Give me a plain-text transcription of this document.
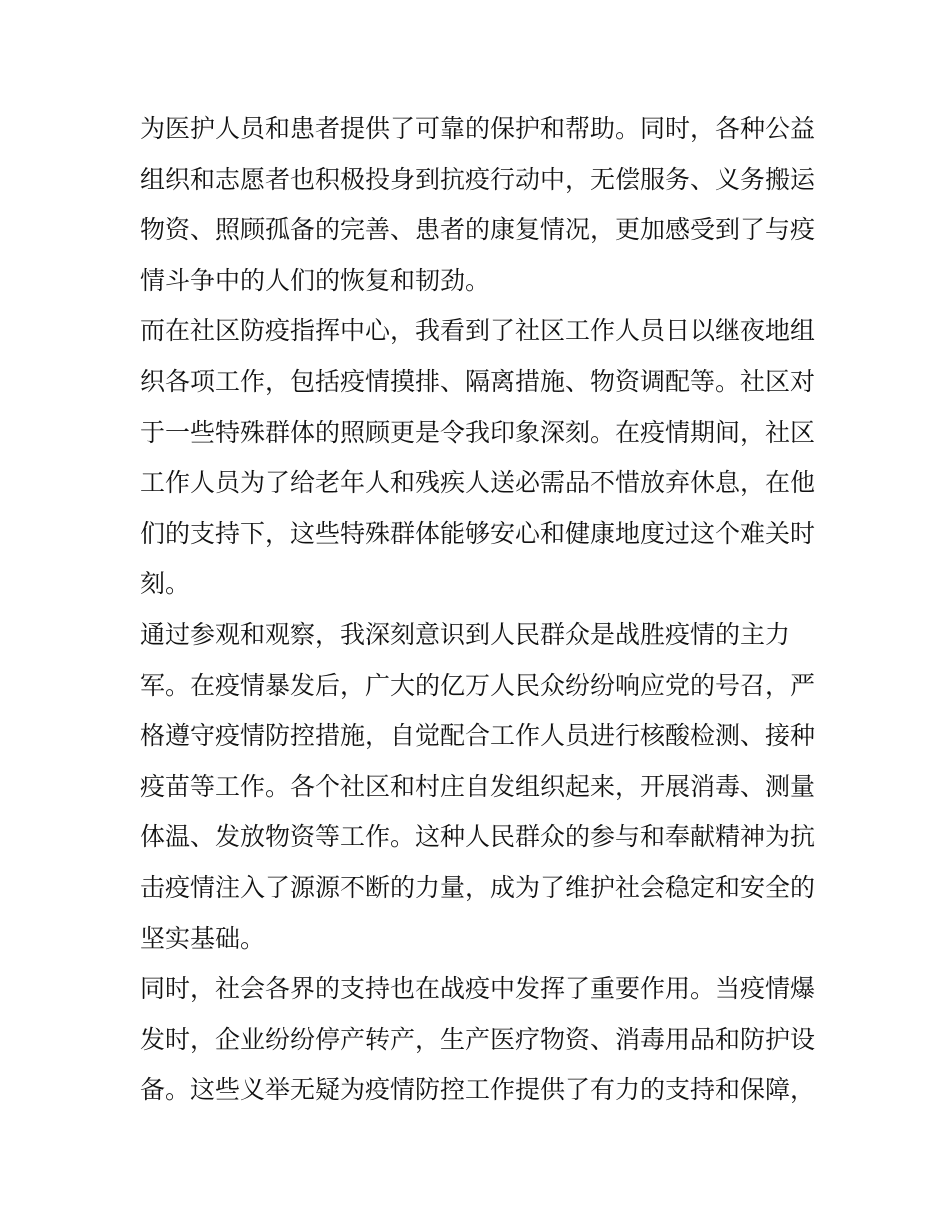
为医护人员和患者提供了可靠的保护和帮助。同时，各种公益
组织和志愿者也积极投身到抗疫行动中，无偿服务、义务搬运
物资、照顾孤备的完善、患者的康复情况，更加感受到了与疫
情斗争中的人们的恢复和韧劲。
而在社区防疫指挥中心，我看到了社区工作人员日以继夜地组
织各项工作，包括疫情摸排、隔离措施、物资调配等。社区对
于一些特殊群体的照顾更是令我印象深刻。在疫情期间，社区
工作人员为了给老年人和残疾人送必需品不惜放弃休息，在他
们的支持下，这些特殊群体能够安心和健康地度过这个难关时
刻。
通过参观和观察，我深刻意识到人民群众是战胜疫情的主力
军。在疫情暴发后，广大的亿万人民众纷纷响应党的号召，严
格遵守疫情防控措施，自觉配合工作人员进行核酸检测、接种
疫苗等工作。各个社区和村庄自发组织起来，开展消毒、测量
体温、发放物资等工作。这种人民群众的参与和奉献精神为抗
击疫情注入了源源不断的力量，成为了维护社会稳定和安全的
坚实基础。
同时，社会各界的支持也在战疫中发挥了重要作用。当疫情爆
发时，企业纷纷停产转产，生产医疗物资、消毒用品和防护设
备。这些义举无疑为疫情防控工作提供了有力的支持和保障，
